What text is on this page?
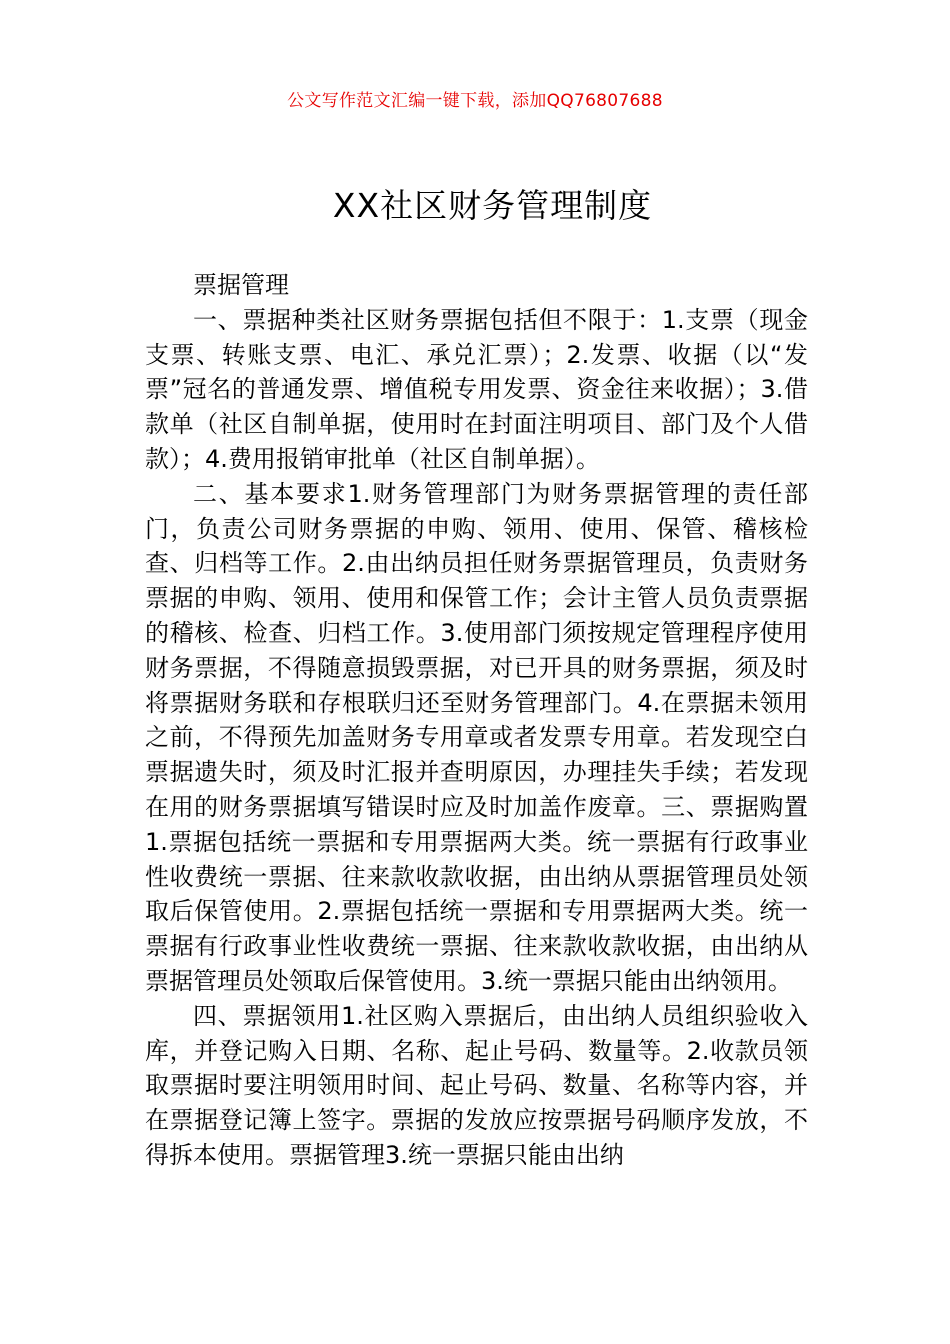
公文写作范文汇编一键下载，添加QQ76807688
XX社区财务管理制度

票据管理

一、票据种类社区财务票据包括但不限于：1.支票（现金支票、转账支票、电汇、承兑汇票）；2.发票、收据（以“发票”冠名的普通发票、增值税专用发票、资金往来收据）；3.借款单（社区自制单据，使用时在封面注明项目、部门及个人借款）；4.费用报销审批单（社区自制单据）。

二、基本要求1.财务管理部门为财务票据管理的责任部门，负责公司财务票据的申购、领用、使用、保管、稽核检查、归档等工作。2.由出纳员担任财务票据管理员，负责财务票据的申购、领用、使用和保管工作；会计主管人员负责票据的稽核、检查、归档工作。3.使用部门须按规定管理程序使用财务票据，不得随意损毁票据，对已开具的财务票据，须及时将票据财务联和存根联归还至财务管理部门。4.在票据未领用之前，不得预先加盖财务专用章或者发票专用章。若发现空白票据遗失时，须及时汇报并查明原因，办理挂失手续；若发现在用的财务票据填写错误时应及时加盖作废章。三、票据购置1.票据包括统一票据和专用票据两大类。统一票据有行政事业性收费统一票据、往来款收款收据，由出纳从票据管理员处领取后保管使用。2.票据包括统一票据和专用票据两大类。统一票据有行政事业性收费统一票据、往来款收款收据，由出纳从票据管理员处领取后保管使用。3.统一票据只能由出纳领用。

四、票据领用1.社区购入票据后，由出纳人员组织验收入库，并登记购入日期、名称、起止号码、数量等。2.收款员领取票据时要注明领用时间、起止号码、数量、名称等内容，并在票据登记簿上签字。票据的发放应按票据号码顺序发放，不得拆本使用。票据管理3.统一票据只能由出纳
